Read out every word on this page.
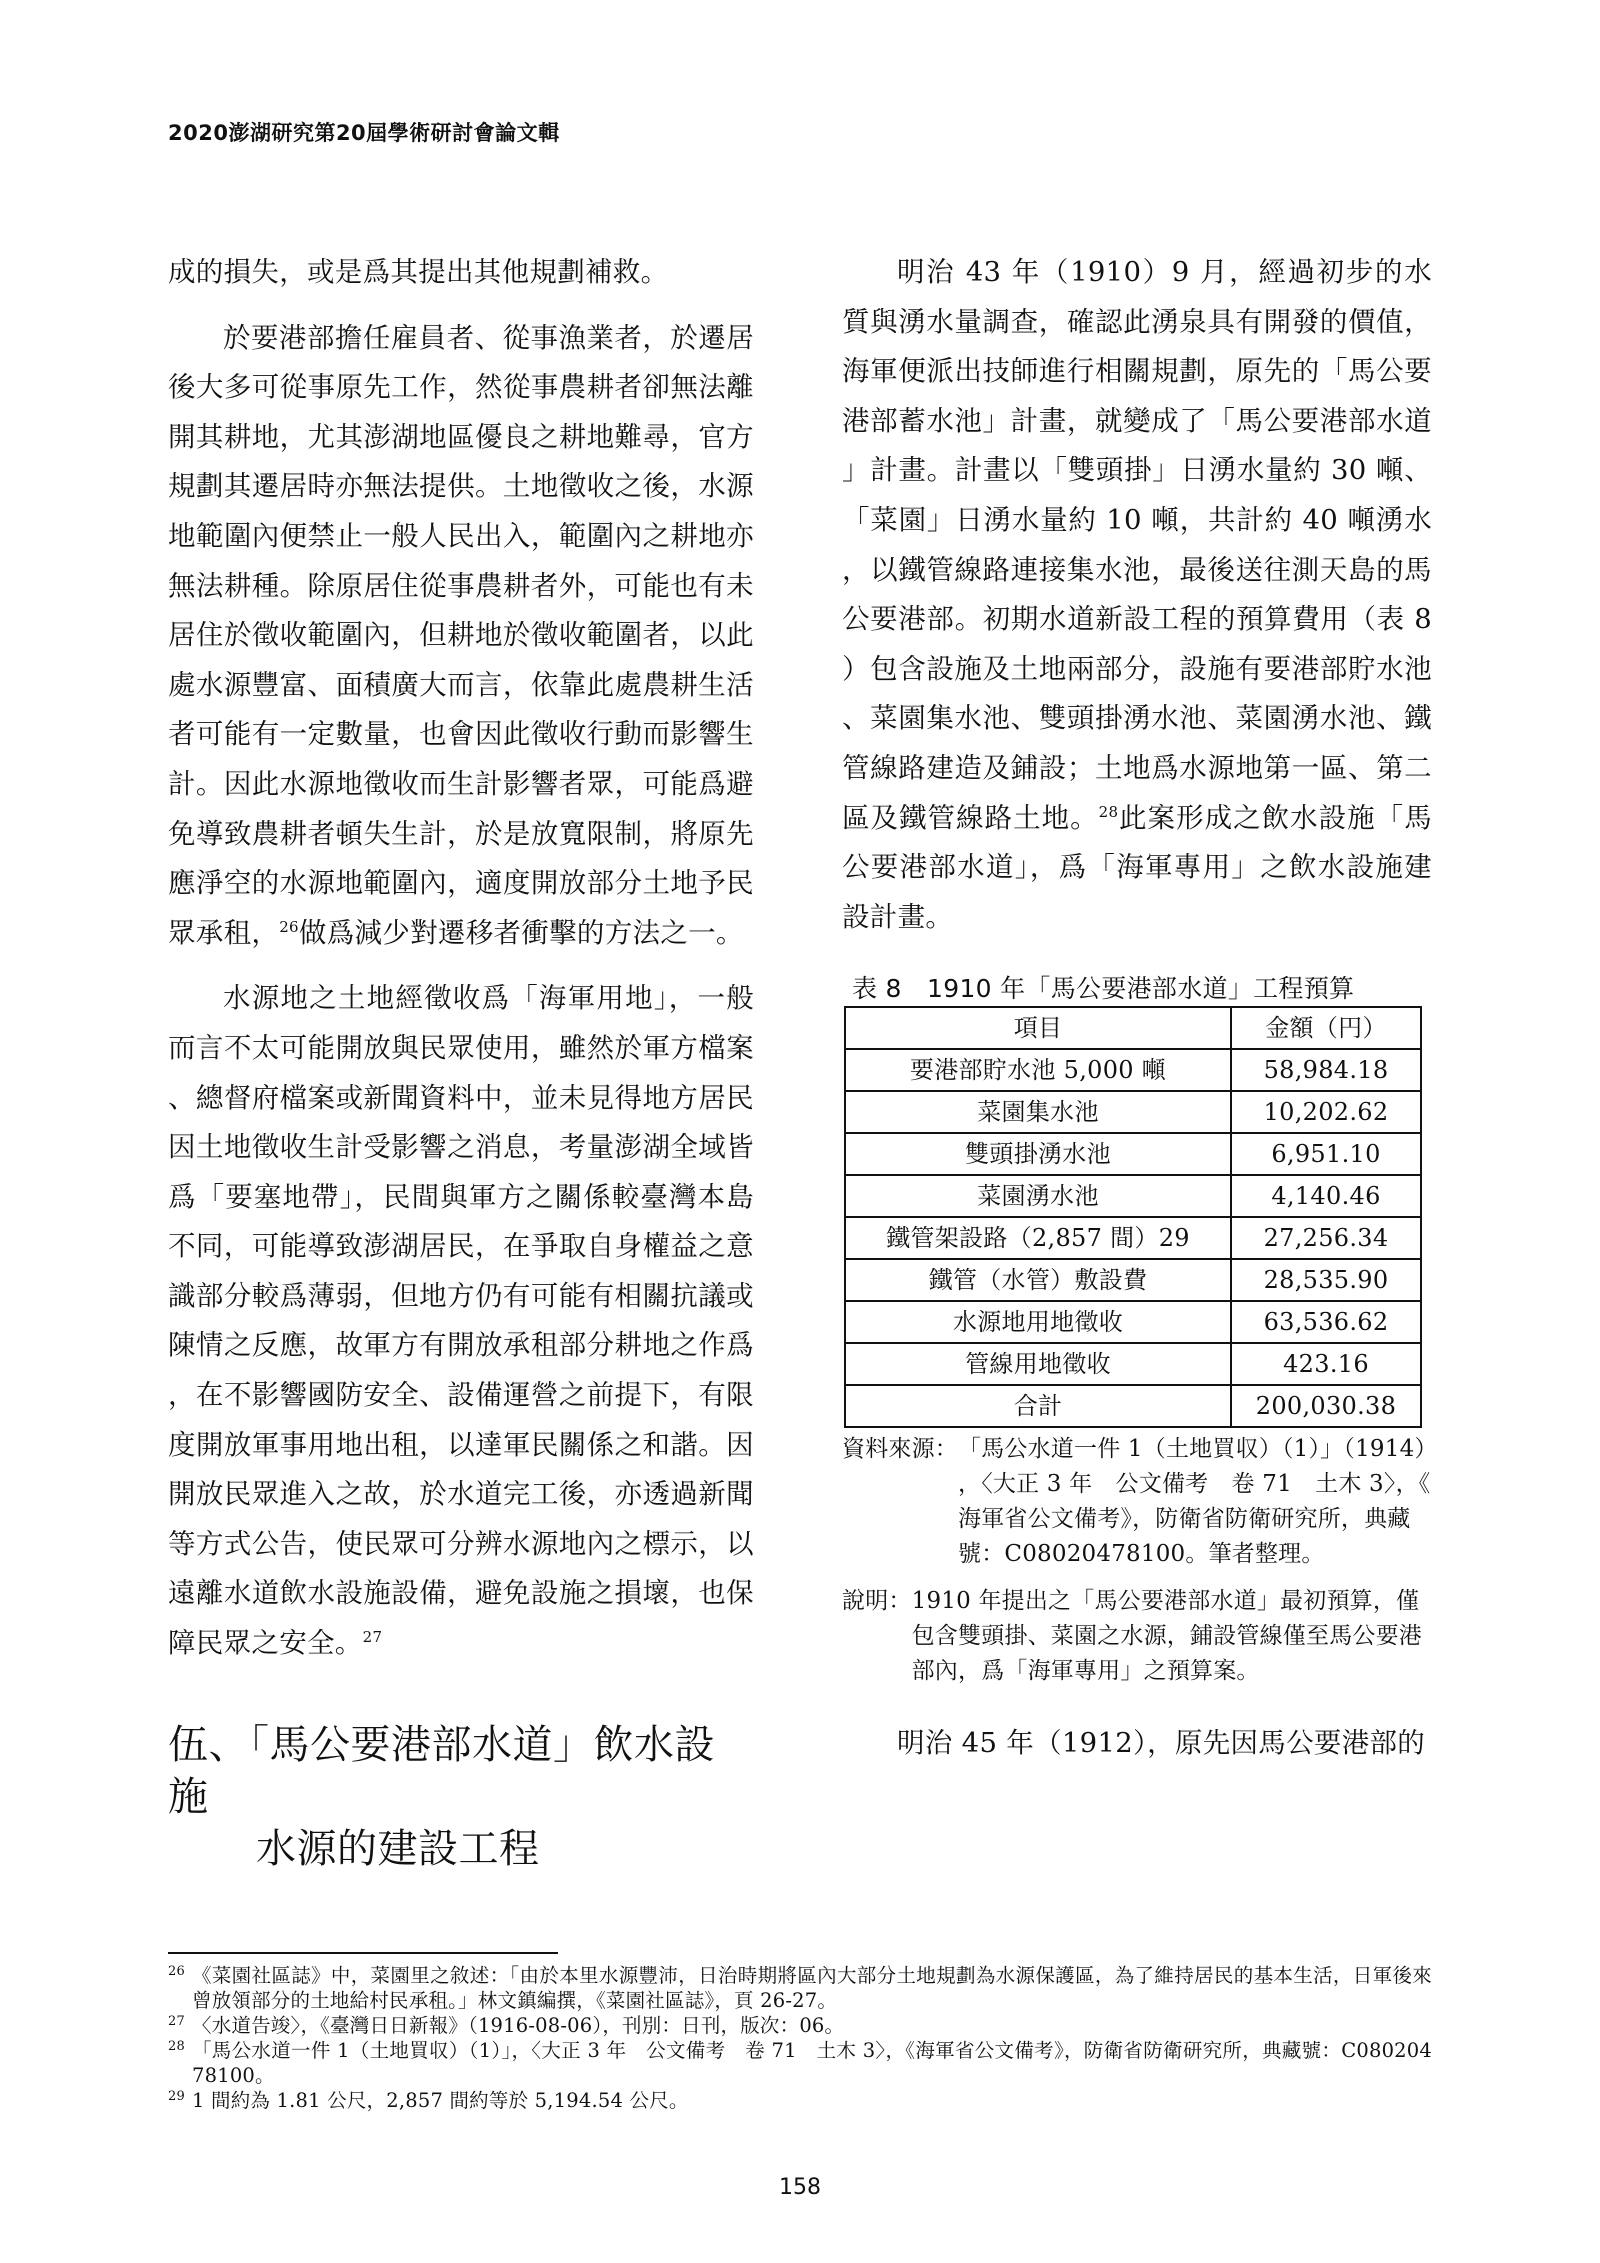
2020澎湖研究第20屆學術研討會論文輯

成的損失，或是爲其提出其他規劃補救。

於要港部擔任雇員者、從事漁業者，於遷居後大多可從事原先工作，然從事農耕者卻無法離開其耕地，尤其澎湖地區優良之耕地難尋，官方規劃其遷居時亦無法提供。土地徵收之後，水源地範圍內便禁止一般人民出入，範圍內之耕地亦無法耕種。除原居住從事農耕者外，可能也有未居住於徵收範圍內，但耕地於徵收範圍者，以此處水源豐富、面積廣大而言，依靠此處農耕生活者可能有一定數量，也會因此徵收行動而影響生計。因此水源地徵收而生計影響者眾，可能爲避免導致農耕者頓失生計，於是放寬限制，將原先應淨空的水源地範圍內，適度開放部分土地予民眾承租，$^{26}$做爲減少對遷移者衝擊的方法之一。

水源地之土地經徵收爲「海軍用地」，一般而言不太可能開放與民眾使用，雖然於軍方檔案、總督府檔案或新聞資料中，並未見得地方居民因土地徵收生計受影響之消息，考量澎湖全域皆爲「要塞地帶」，民間與軍方之關係較臺灣本島不同，可能導致澎湖居民，在爭取自身權益之意識部分較爲薄弱，但地方仍有可能有相關抗議或陳情之反應，故軍方有開放承租部分耕地之作爲，在不影響國防安全、設備運營之前提下，有限度開放軍事用地出租，以達軍民關係之和諧。因開放民眾進入之故，於水道完工後，亦透過新聞等方式公告，使民眾可分辨水源地內之標示，以遠離水道飲水設施設備，避免設施之損壞，也保障民眾之安全。$^{27}$

伍、「馬公要港部水道」飲水設施
水源的建設工程

明治 43 年（1910）9 月，經過初步的水質與湧水量調查，確認此湧泉具有開發的價值，海軍便派出技師進行相關規劃，原先的「馬公要港部蓄水池」計畫，就變成了「馬公要港部水道」計畫。計畫以「雙頭掛」日湧水量約 30 噸、「菜園」日湧水量約 10 噸，共計約 40 噸湧水，以鐵管線路連接集水池，最後送往測天島的馬公要港部。初期水道新設工程的預算費用（表 8）包含設施及土地兩部分，設施有要港部貯水池、菜園集水池、雙頭掛湧水池、菜園湧水池、鐵管線路建造及鋪設；土地爲水源地第一區、第二區及鐵管線路土地。$^{28}$此案形成之飲水設施「馬公要港部水道」，爲「海軍專用」之飲水設施建設計畫。

表 8　1910 年「馬公要港部水道」工程預算
項目	金額（円）
要港部貯水池 5,000 噸	58,984.18
菜園集水池	10,202.62
雙頭掛湧水池	6,951.10
菜園湧水池	4,140.46
鐵管架設路（2,857 間）29	27,256.34
鐵管（水管）敷設費	28,535.90
水源地用地徵收	63,536.62
管線用地徵收	423.16
合計	200,030.38
資料來源： 「馬公水道一件 1（土地買収）（1）」（1914），〈大正 3 年　公文備考　卷 71　土木 3〉，《海軍省公文備考》，防衛省防衛研究所，典藏號：C08020478100。筆者整理。
說明： 1910 年提出之「馬公要港部水道」最初預算，僅包含雙頭掛、菜園之水源，鋪設管線僅至馬公要港部內，爲「海軍專用」之預算案。

明治 45 年（1912），原先因馬公要港部的

26 《菜園社區誌》中，菜園里之敘述：「由於本里水源豐沛，日治時期將區內大部分土地規劃為水源保護區，為了維持居民的基本生活，日軍後來曾放領部分的土地給村民承租。」林文鎮編撰，《菜園社區誌》，頁 26-27。
27 〈水道告竣〉，《臺灣日日新報》（1916-08-06），刊別：日刊，版次：06。
28 「馬公水道一件 1（土地買収）（1）」，〈大正 3 年　公文備考　卷 71　土木 3〉，《海軍省公文備考》，防衛省防衛研究所，典藏號：C08020478100。
29 1 間約為 1.81 公尺，2,857 間約等於 5,194.54 公尺。
158
